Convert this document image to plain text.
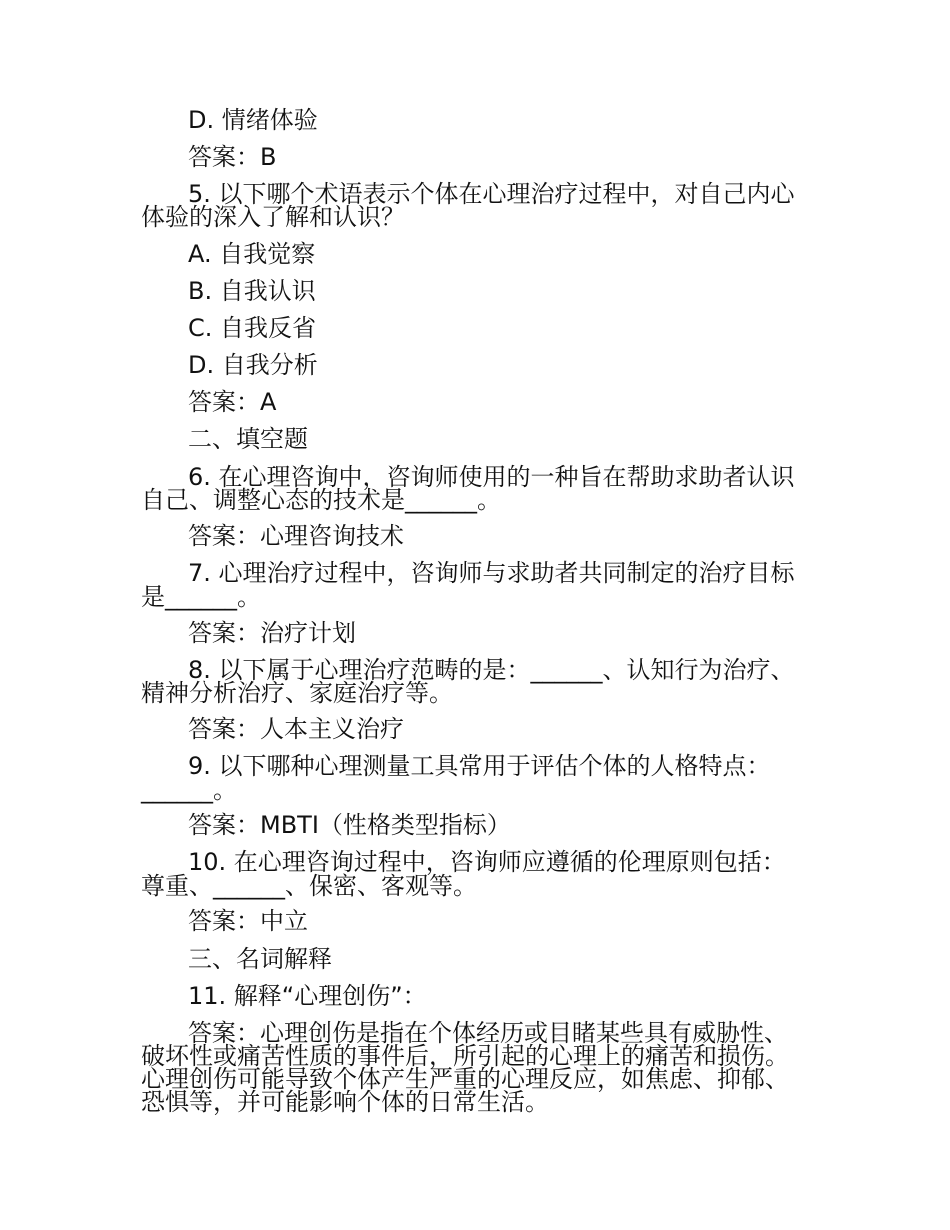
D. 情绪体验
答案：B
5. 以下哪个术语表示个体在心理治疗过程中，对自己内心
体验的深入了解和认识？
A. 自我觉察
B. 自我认识
C. 自我反省
D. 自我分析
答案：A
二、填空题
6. 在心理咨询中，咨询师使用的一种旨在帮助求助者认识
自己、调整心态的技术是______。
答案：心理咨询技术
7. 心理治疗过程中，咨询师与求助者共同制定的治疗目标
是______。
答案：治疗计划
8. 以下属于心理治疗范畴的是：______、认知行为治疗、
精神分析治疗、家庭治疗等。
答案：人本主义治疗
9. 以下哪种心理测量工具常用于评估个体的人格特点：
______。
答案：MBTI（性格类型指标）
10. 在心理咨询过程中，咨询师应遵循的伦理原则包括：
尊重、______、保密、客观等。
答案：中立
三、名词解释
11. 解释“心理创伤”：
答案：心理创伤是指在个体经历或目睹某些具有威胁性、
破坏性或痛苦性质的事件后，所引起的心理上的痛苦和损伤。
心理创伤可能导致个体产生严重的心理反应，如焦虑、抑郁、
恐惧等，并可能影响个体的日常生活。
